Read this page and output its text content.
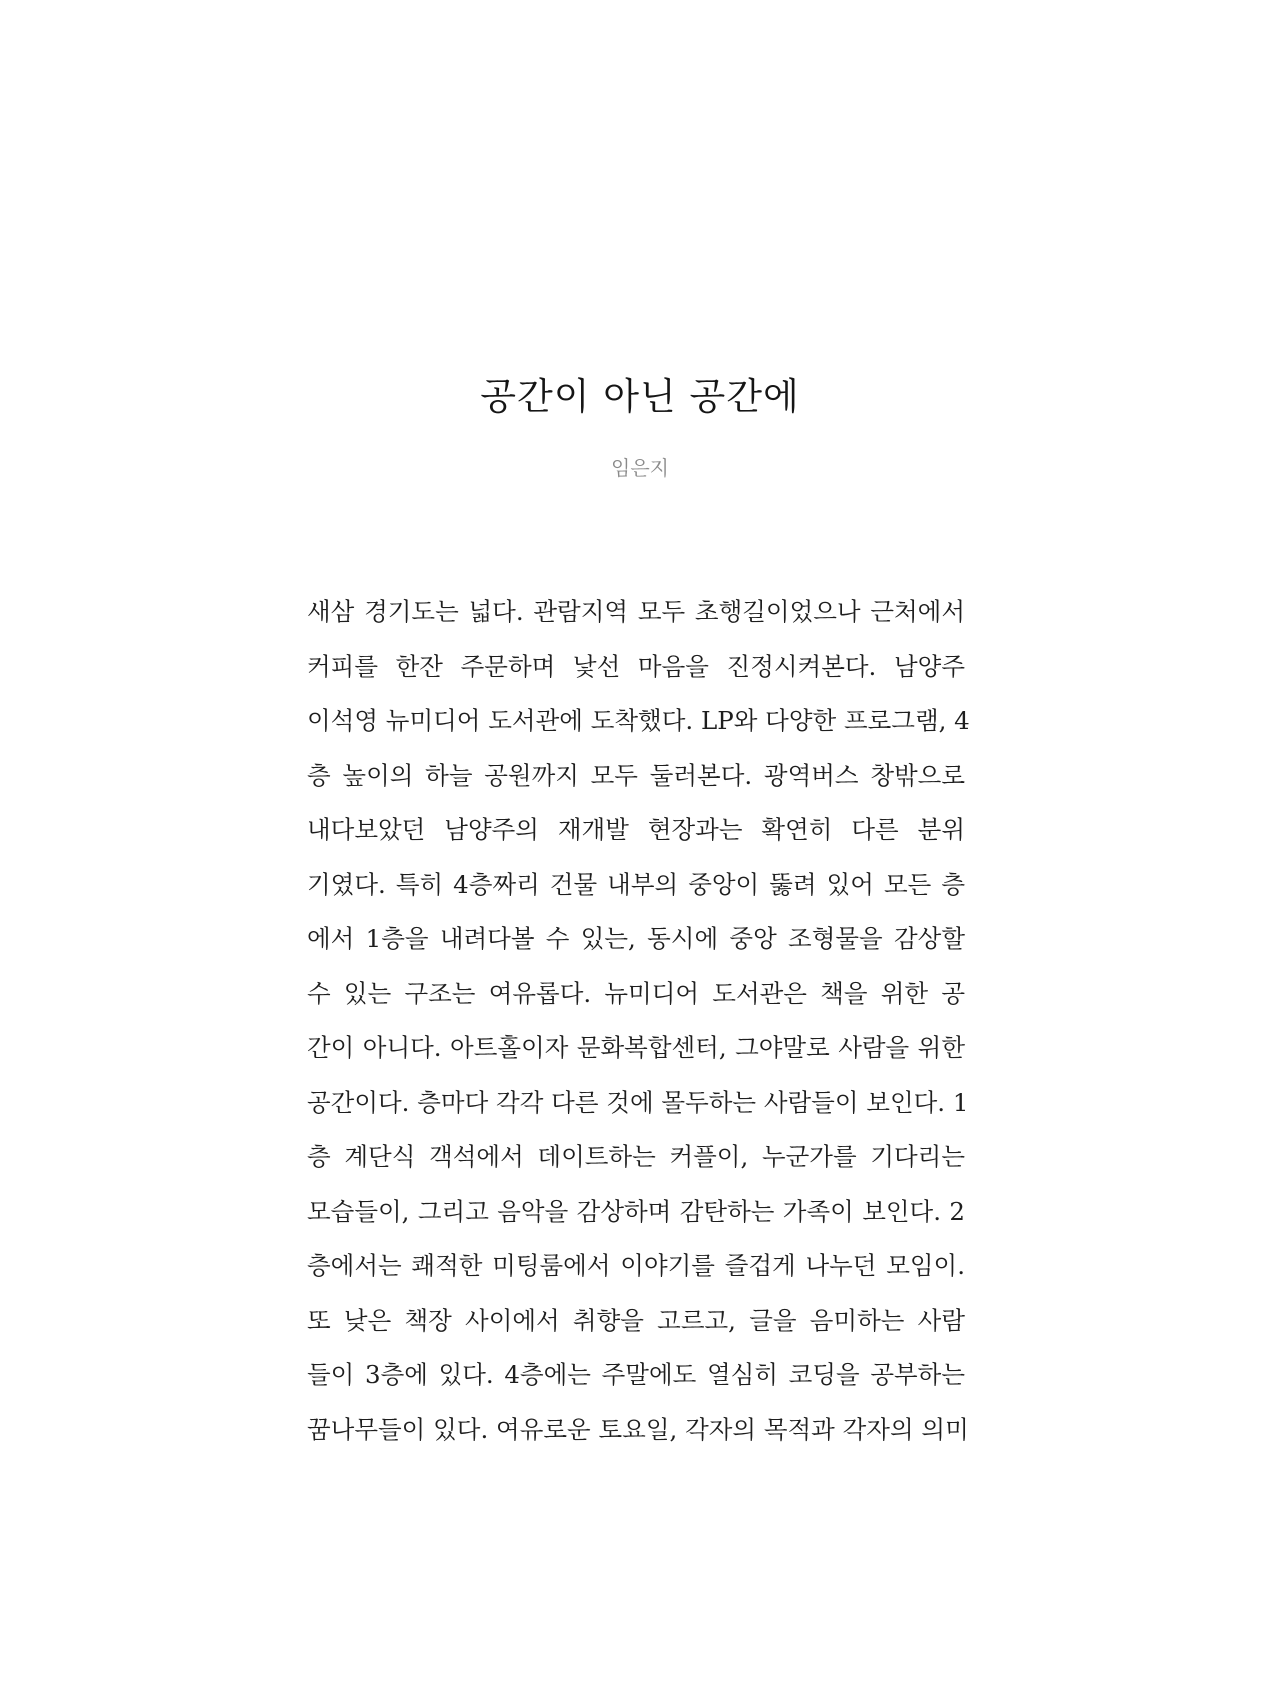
공간이 아닌 공간에

임은지

새삼 경기도는 넓다. 관람지역 모두 초행길이었으나 근처에서
커피를 한잔 주문하며 낯선 마음을 진정시켜본다. 남양주
이석영 뉴미디어 도서관에 도착했다. LP와 다양한 프로그램, 4
층 높이의 하늘 공원까지 모두 둘러본다. 광역버스 창밖으로
내다보았던 남양주의 재개발 현장과는 확연히 다른 분위
기였다. 특히 4층짜리 건물 내부의 중앙이 뚫려 있어 모든 층
에서 1층을 내려다볼 수 있는, 동시에 중앙 조형물을 감상할
수 있는 구조는 여유롭다. 뉴미디어 도서관은 책을 위한 공
간이 아니다. 아트홀이자 문화복합센터, 그야말로 사람을 위한
공간이다. 층마다 각각 다른 것에 몰두하는 사람들이 보인다. 1
층 계단식 객석에서 데이트하는 커플이, 누군가를 기다리는
모습들이, 그리고 음악을 감상하며 감탄하는 가족이 보인다. 2
층에서는 쾌적한 미팅룸에서 이야기를 즐겁게 나누던 모임이.
또 낮은 책장 사이에서 취향을 고르고, 글을 음미하는 사람
들이 3층에 있다. 4층에는 주말에도 열심히 코딩을 공부하는
꿈나무들이 있다. 여유로운 토요일, 각자의 목적과 각자의 의미
